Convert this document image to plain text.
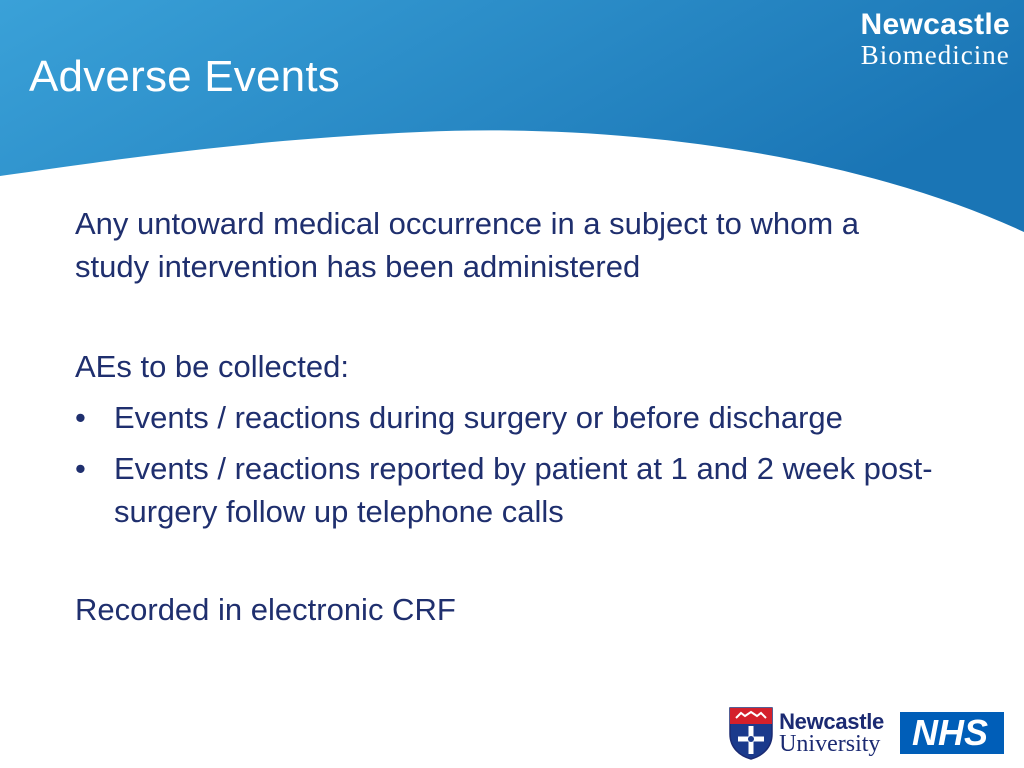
Adverse Events
Newcastle
Biomedicine

Any untoward medical occurrence in a subject to whom a study intervention has been administered

AEs to be collected:

• Events / reactions during surgery or before discharge
• Events / reactions reported by patient at 1 and 2 week post-surgery follow up telephone calls

Recorded in electronic CRF

Newcastle
University NHS
